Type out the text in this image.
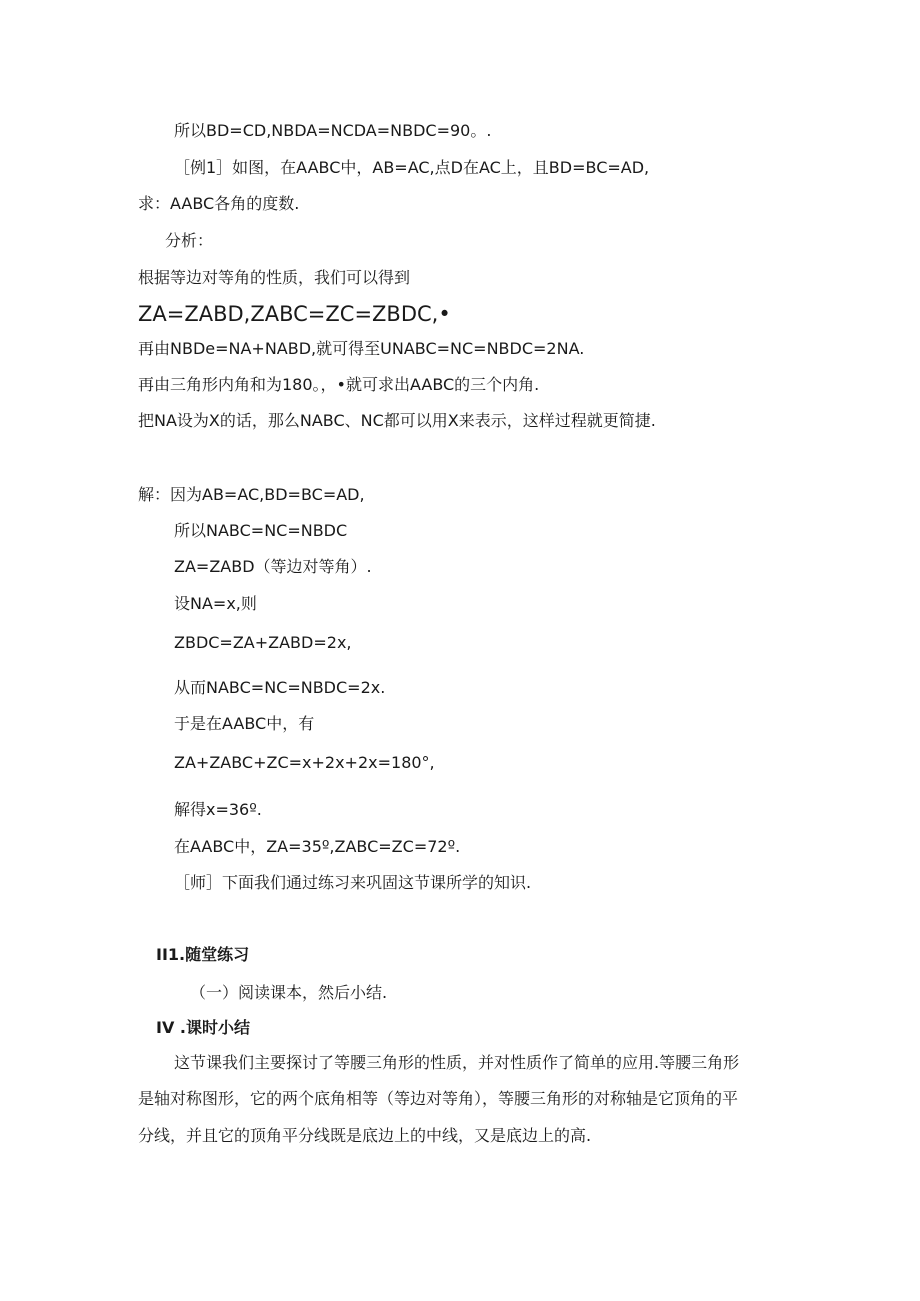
所以BD=CD,NBDA=NCDA=NBDC=90。.
［例1］如图，在AABC中，AB=AC,点D在AC上，且BD=BC=AD,
求：AABC各角的度数.
分析：
根据等边对等角的性质，我们可以得到
ZA=ZABD,ZABC=ZC=ZBDC,•
再由NBDe=NA+NABD,就可得至UNABC=NC=NBDC=2NA.
再由三角形内角和为180。，•就可求出AABC的三个内角.
把NA设为X的话，那么NABC、NC都可以用X来表示，这样过程就更简捷.
解：因为AB=AC,BD=BC=AD,
所以NABC=NC=NBDC
ZA=ZABD（等边对等角）.
设NA=x,则
ZBDC=ZA+ZABD=2x,
从而NABC=NC=NBDC=2x.
于是在AABC中，有
ZA+ZABC+ZC=x+2x+2x=180°,
解得x=36º.
在AABC中，ZA=35º,ZABC=ZC=72º.
［师］下面我们通过练习来巩固这节课所学的知识.
II1.随堂练习
（一）阅读课本，然后小结.
IV .课时小结
这节课我们主要探讨了等腰三角形的性质，并对性质作了简单的应用.等腰三角形
是轴对称图形，它的两个底角相等（等边对等角），等腰三角形的对称轴是它顶角的平
分线，并且它的顶角平分线既是底边上的中线，又是底边上的高.
